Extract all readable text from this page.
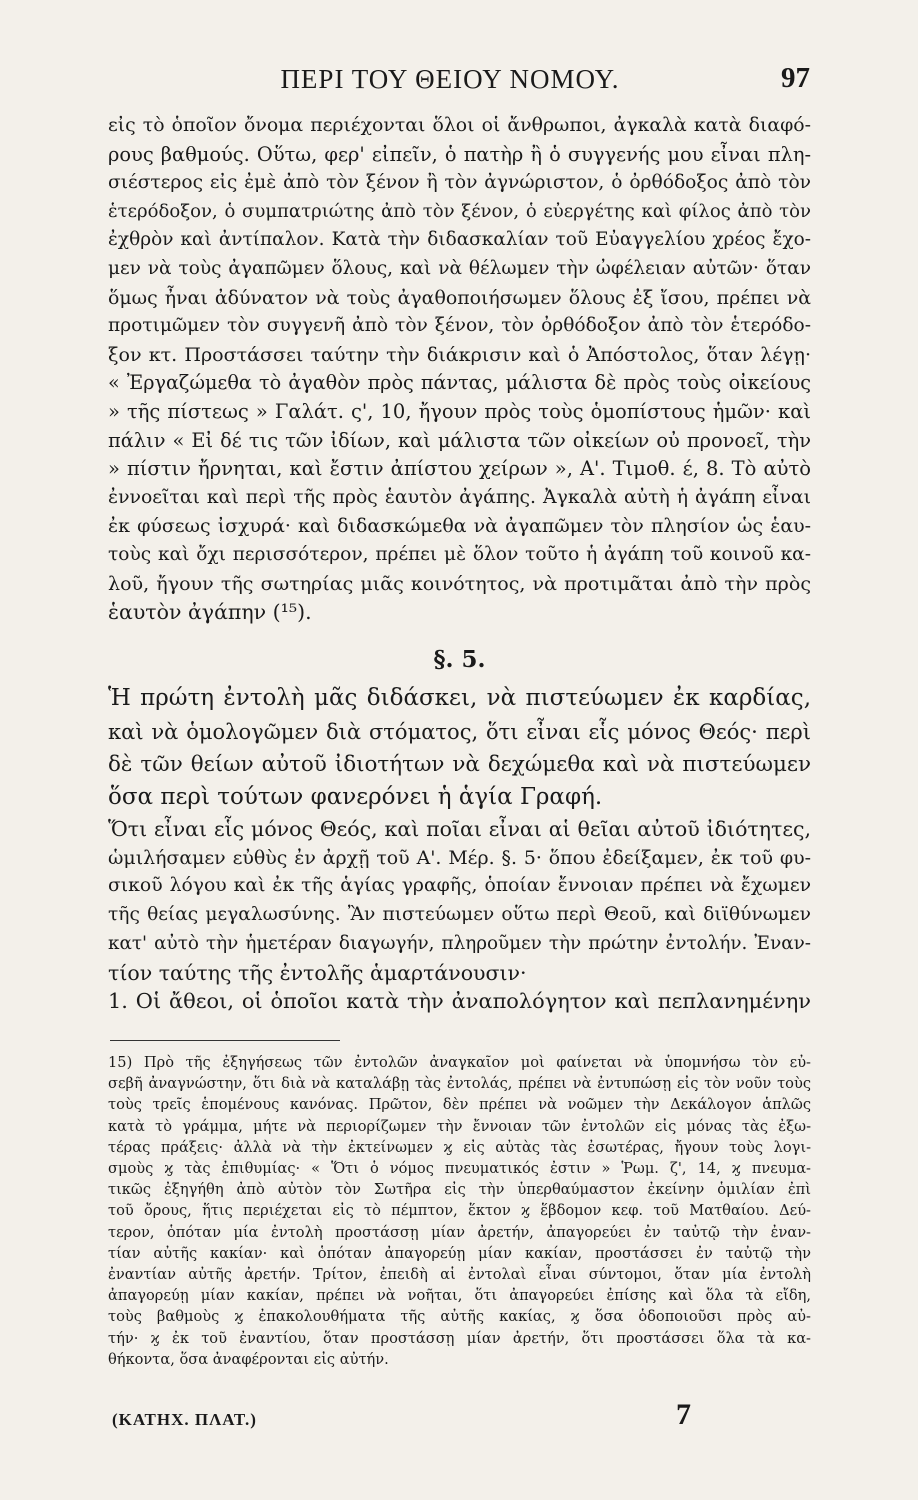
ΠΕΡΙ ΤΟΥ ΘΕΙΟΥ ΝΟΜΟΥ.	97
εἰς τὸ ὁποῖον ὄνομα περιέχονται ὅλοι οἱ ἄνθρωποι, ἀγκαλὰ κατὰ διαφό-
ρους βαθμούς. Οὕτω, φερ' εἰπεῖν, ὁ πατὴρ ἢ ὁ συγγενής μου εἶναι πλη-
σιέστερος εἰς ἐμὲ ἀπὸ τὸν ξένον ἢ τὸν ἀγνώριστον, ὁ ὀρθόδοξος ἀπὸ τὸν
ἑτερόδοξον, ὁ συμπατριώτης ἀπὸ τὸν ξένον, ὁ εὐεργέτης καὶ φίλος ἀπὸ τὸν
ἐχθρὸν καὶ ἀντίπαλον. Κατὰ τὴν διδασκαλίαν τοῦ Εὐαγγελίου χρέος ἔχο-
μεν νὰ τοὺς ἀγαπῶμεν ὅλους, καὶ νὰ θέλωμεν τὴν ὠφέλειαν αὐτῶν· ὅταν
ὅμως ἦναι ἀδύνατον νὰ τοὺς ἀγαθοποιήσωμεν ὅλους ἐξ ἴσου, πρέπει νὰ
προτιμῶμεν τὸν συγγενῆ ἀπὸ τὸν ξένον, τὸν ὀρθόδοξον ἀπὸ τὸν ἑτερόδο-
ξον κτ. Προστάσσει ταύτην τὴν διάκρισιν καὶ ὁ Ἀπόστολος, ὅταν λέγῃ·
« Ἐργαζώμεθα τὸ ἀγαθὸν πρὸς πάντας, μάλιστα δὲ πρὸς τοὺς οἰκείους
» τῆς πίστεως » Γαλάτ. ς', 10, ἤγουν πρὸς τοὺς ὁμοπίστους ἡμῶν· καὶ
πάλιν « Εἰ δέ τις τῶν ἰδίων, καὶ μάλιστα τῶν οἰκείων οὐ προνοεῖ, τὴν
» πίστιν ἤρνηται, καὶ ἔστιν ἀπίστου χείρων », Α'. Τιμοθ. έ, 8. Τὸ αὐτὸ
ἐννοεῖται καὶ περὶ τῆς πρὸς ἑαυτὸν ἀγάπης. Ἀγκαλὰ αὐτὴ ἡ ἀγάπη εἶναι
ἐκ φύσεως ἰσχυρά· καὶ διδασκώμεθα νὰ ἀγαπῶμεν τὸν πλησίον ὡς ἑαυ-
τοὺς καὶ ὄχι περισσότερον, πρέπει μὲ ὅλον τοῦτο ἡ ἀγάπη τοῦ κοινοῦ κα-
λοῦ, ἤγουν τῆς σωτηρίας μιᾶς κοινότητος, νὰ προτιμᾶται ἀπὸ τὴν πρὸς
ἑαυτὸν ἀγάπην (¹⁵).
§. 5.
Ἡ πρώτη ἐντολὴ μᾶς διδάσκει, νὰ πιστεύωμεν ἐκ καρδίας,
καὶ νὰ ὁμολογῶμεν διὰ στόματος, ὅτι εἶναι εἷς μόνος Θεός· περὶ
δὲ τῶν θείων αὐτοῦ ἰδιοτήτων νὰ δεχώμεθα καὶ νὰ πιστεύωμεν
ὅσα περὶ τούτων φανερόνει ἡ ἁγία Γραφή.
Ὅτι εἶναι εἷς μόνος Θεός, καὶ ποῖαι εἶναι αἱ θεῖαι αὐτοῦ ἰδιότητες,
ὡμιλήσαμεν εὐθὺς ἐν ἀρχῇ τοῦ Α'. Μέρ. §. 5· ὅπου ἐδείξαμεν, ἐκ τοῦ φυ-
σικοῦ λόγου καὶ ἐκ τῆς ἁγίας γραφῆς, ὁποίαν ἔννοιαν πρέπει νὰ ἔχωμεν
τῆς θείας μεγαλωσύνης. Ἂν πιστεύωμεν οὕτω περὶ Θεοῦ, καὶ διϊθύνωμεν
κατ' αὐτὸ τὴν ἡμετέραν διαγωγήν, πληροῦμεν τὴν πρώτην ἐντολήν. Ἐναν-
τίον ταύτης τῆς ἐντολῆς ἁμαρτάνουσιν·
1. Οἱ ἄθεοι, οἱ ὁποῖοι κατὰ τὴν ἀναπολόγητον καὶ πεπλανημένην
15) Πρὸ τῆς ἐξηγήσεως τῶν ἐντολῶν ἀναγκαῖον μοὶ φαίνεται νὰ ὑπομνήσω τὸν εὐ-
σεβῆ ἀναγνώστην, ὅτι διὰ νὰ καταλάβῃ τὰς ἐντολάς, πρέπει νὰ ἐντυπώσῃ εἰς τὸν νοῦν τοὺς
τοὺς τρεῖς ἑπομένους κανόνας. Πρῶτον, δὲν πρέπει νὰ νοῶμεν τὴν Δεκάλογον ἁπλῶς
κατὰ τὸ γράμμα, μήτε νὰ περιορίζωμεν τὴν ἔννοιαν τῶν ἐντολῶν εἰς μόνας τὰς ἐξω-
τέρας πράξεις· ἀλλὰ νὰ τὴν ἐκτείνωμεν ϗ εἰς αὐτὰς τὰς ἐσωτέρας, ἤγουν τοὺς λογι-
σμοὺς ϗ τὰς ἐπιθυμίας· « Ὅτι ὁ νόμος πνευματικός ἐστιν » Ῥωμ. ζ', 14, ϗ πνευμα-
τικῶς ἐξηγήθη ἀπὸ αὐτὸν τὸν Σωτῆρα εἰς τὴν ὑπερθαύμαστον ἐκείνην ὁμιλίαν ἐπὶ
τοῦ ὄρους, ἥτις περιέχεται εἰς τὸ πέμπτον, ἕκτον ϗ ἕβδομον κεφ. τοῦ Ματθαίου. Δεύ-
τερον, ὁπόταν μία ἐντολὴ προστάσσῃ μίαν ἀρετήν, ἀπαγορεύει ἐν ταὐτῷ τὴν ἐναν-
τίαν αὐτῆς κακίαν· καὶ ὁπόταν ἀπαγορεύῃ μίαν κακίαν, προστάσσει ἐν ταὐτῷ τὴν
ἐναντίαν αὐτῆς ἀρετήν. Τρίτον, ἐπειδὴ αἱ ἐντολαὶ εἶναι σύντομοι, ὅταν μία ἐντολὴ
ἀπαγορεύῃ μίαν κακίαν, πρέπει νὰ νοῆται, ὅτι ἀπαγορεύει ἐπίσης καὶ ὅλα τὰ εἴδη,
τοὺς βαθμοὺς ϗ ἐπακολουθήματα τῆς αὐτῆς κακίας, ϗ ὅσα ὁδοποιοῦσι πρὸς αὐ-
τήν· ϗ ἐκ τοῦ ἐναντίου, ὅταν προστάσσῃ μίαν ἀρετήν, ὅτι προστάσσει ὅλα τὰ κα-
θήκοντα, ὅσα ἀναφέρονται εἰς αὐτήν.
(ΚΑΤΗΧ. ΠΛΑΤ.)	7
